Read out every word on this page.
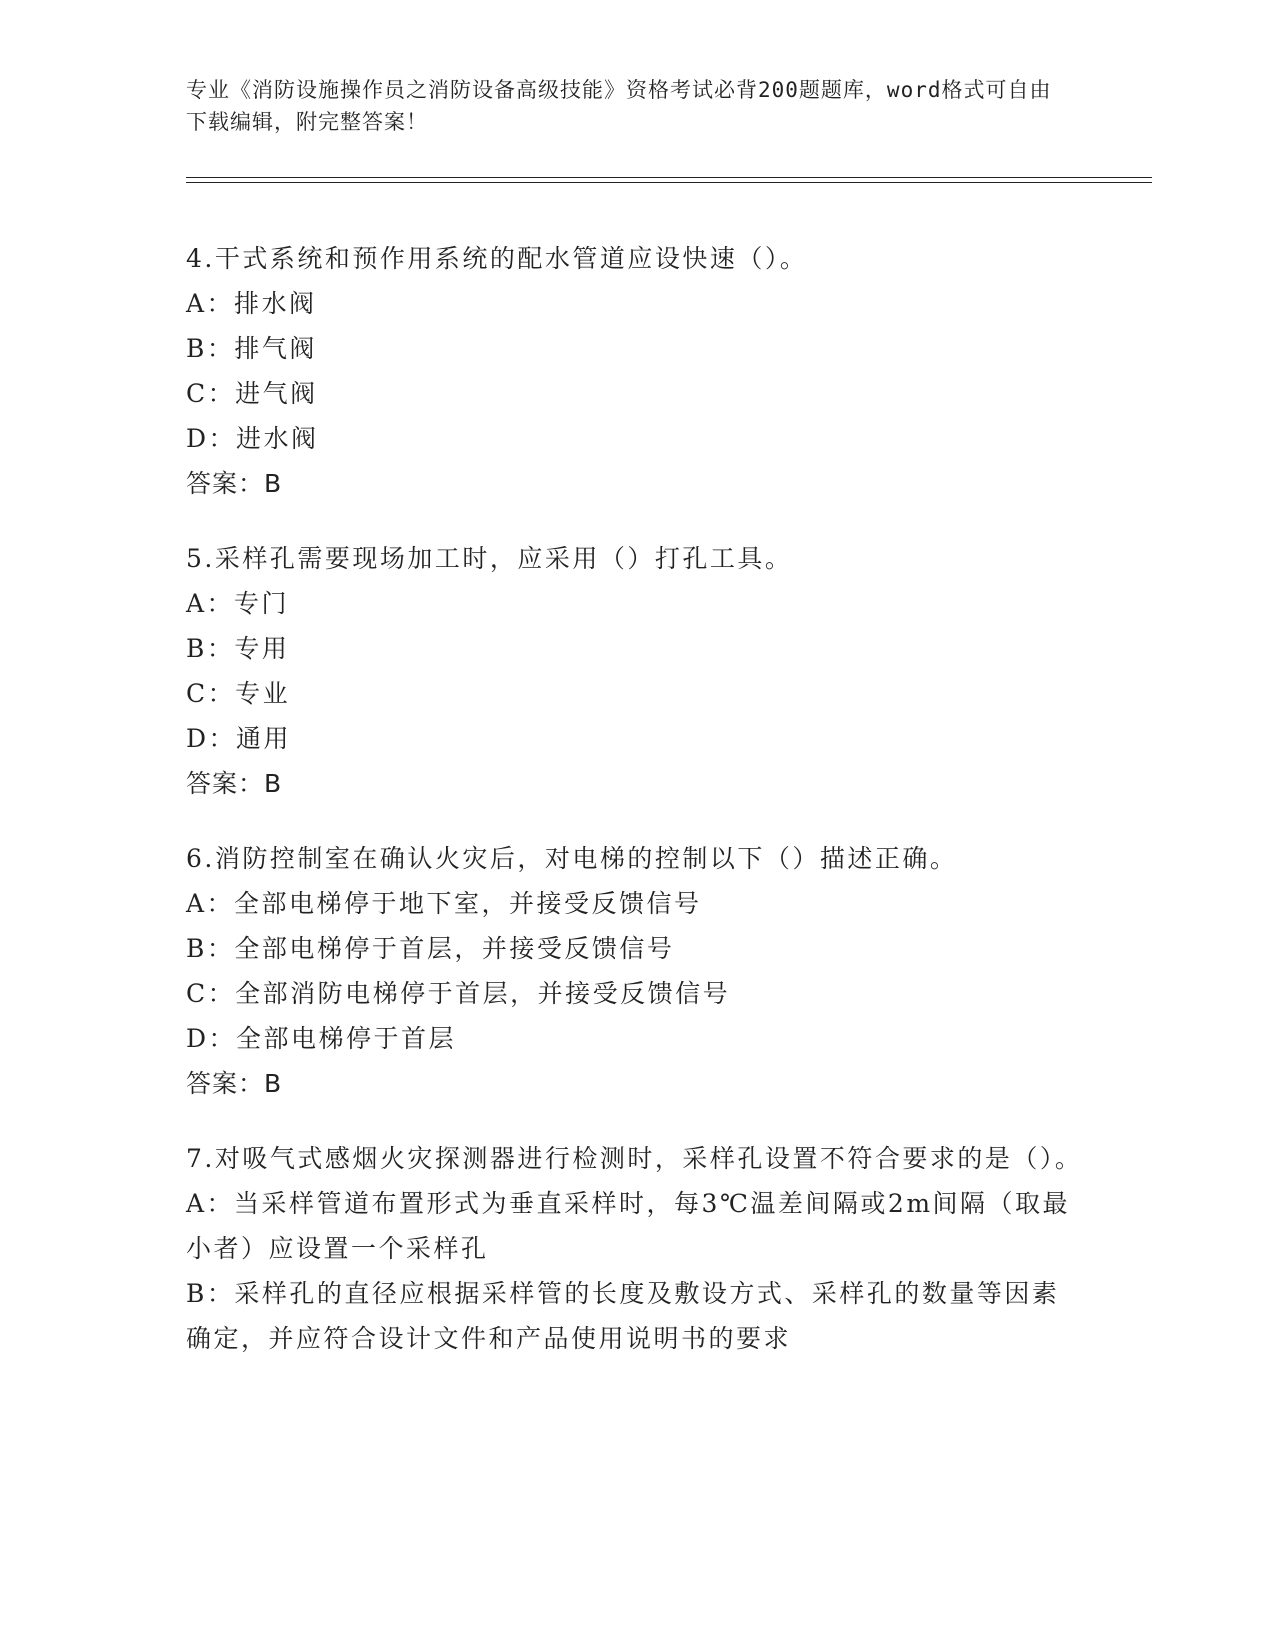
专业《消防设施操作员之消防设备高级技能》资格考试必背200题题库，word格式可自由下载编辑，附完整答案！
4.干式系统和预作用系统的配水管道应设快速（）。
A：排水阀
B：排气阀
C：进气阀
D：进水阀
答案：B
5.采样孔需要现场加工时，应采用（）打孔工具。
A：专门
B：专用
C：专业
D：通用
答案：B
6.消防控制室在确认火灾后，对电梯的控制以下（）描述正确。
A：全部电梯停于地下室，并接受反馈信号
B：全部电梯停于首层，并接受反馈信号
C：全部消防电梯停于首层，并接受反馈信号
D：全部电梯停于首层
答案：B
7.对吸气式感烟火灾探测器进行检测时，采样孔设置不符合要求的是（）。
A：当采样管道布置形式为垂直采样时，每3℃温差间隔或2m间隔（取最小者）应设置一个采样孔
B：采样孔的直径应根据采样管的长度及敷设方式、采样孔的数量等因素确定，并应符合设计文件和产品使用说明书的要求
